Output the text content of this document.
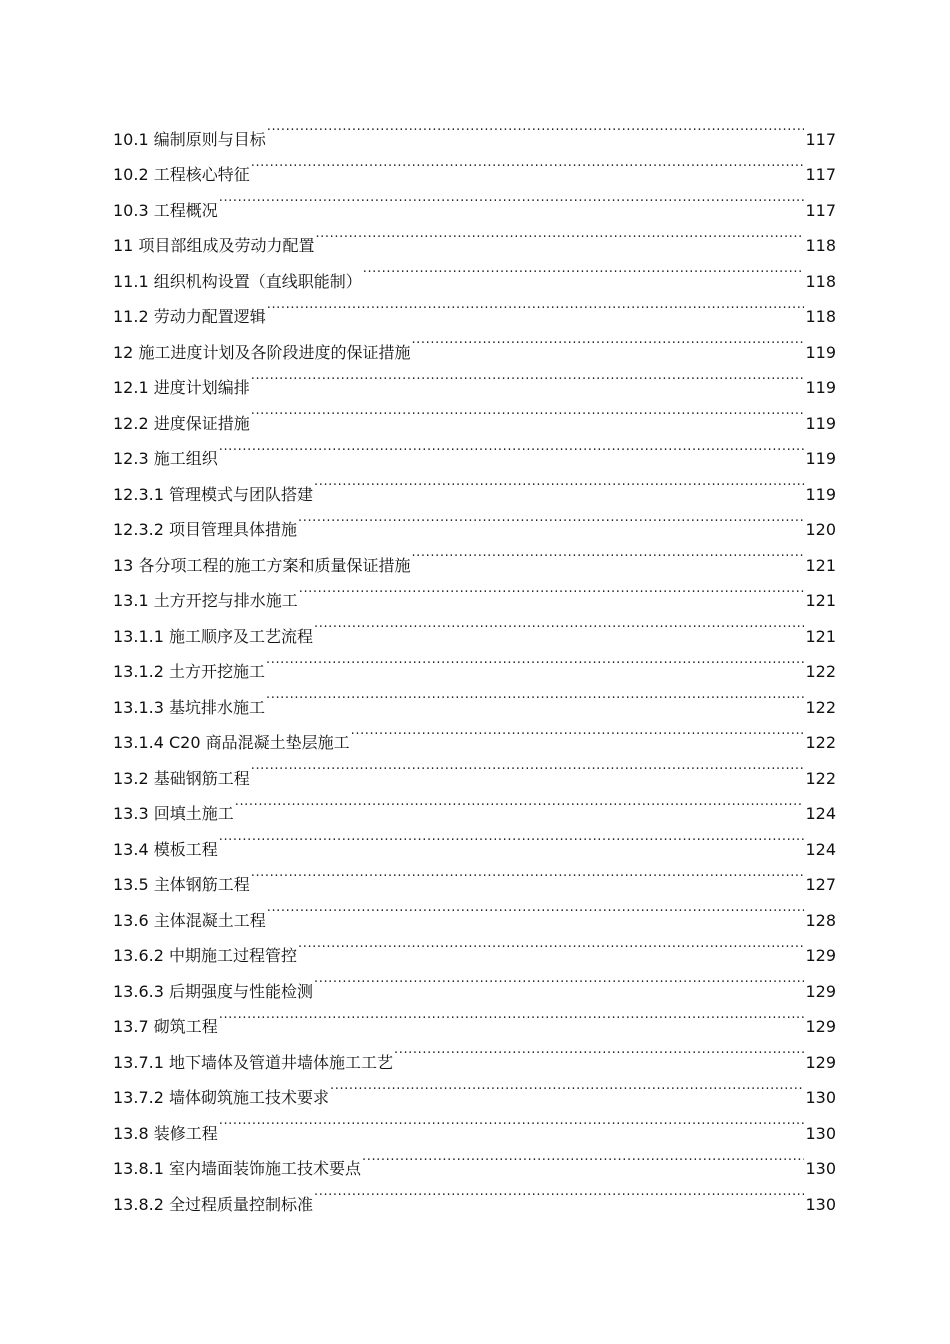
10.1 编制原则与目标 .....	117
10.2 工程核心特征 .....	117
10.3 工程概况 .....	117
11 项目部组成及劳动力配置 .....	118
11.1 组织机构设置（直线职能制） .....	118
11.2 劳动力配置逻辑 .....	118
12 施工进度计划及各阶段进度的保证措施 .....	119
12.1 进度计划编排 .....	119
12.2 进度保证措施 .....	119
12.3 施工组织 .....	119
12.3.1 管理模式与团队搭建 .....	119
12.3.2 项目管理具体措施 .....	120
13 各分项工程的施工方案和质量保证措施 .....	121
13.1 土方开挖与排水施工 .....	121
13.1.1 施工顺序及工艺流程 .....	121
13.1.2 土方开挖施工 .....	122
13.1.3 基坑排水施工 .....	122
13.1.4 C20 商品混凝土垫层施工 .....	122
13.2 基础钢筋工程 .....	122
13.3 回填土施工 .....	124
13.4 模板工程 .....	124
13.5 主体钢筋工程 .....	127
13.6 主体混凝土工程 .....	128
13.6.2 中期施工过程管控 .....	129
13.6.3 后期强度与性能检测 .....	129
13.7 砌筑工程 .....	129
13.7.1 地下墙体及管道井墙体施工工艺 .....	129
13.7.2 墙体砌筑施工技术要求 .....	130
13.8 装修工程 .....	130
13.8.1 室内墙面装饰施工技术要点 .....	130
13.8.2 全过程质量控制标准 .....	130
